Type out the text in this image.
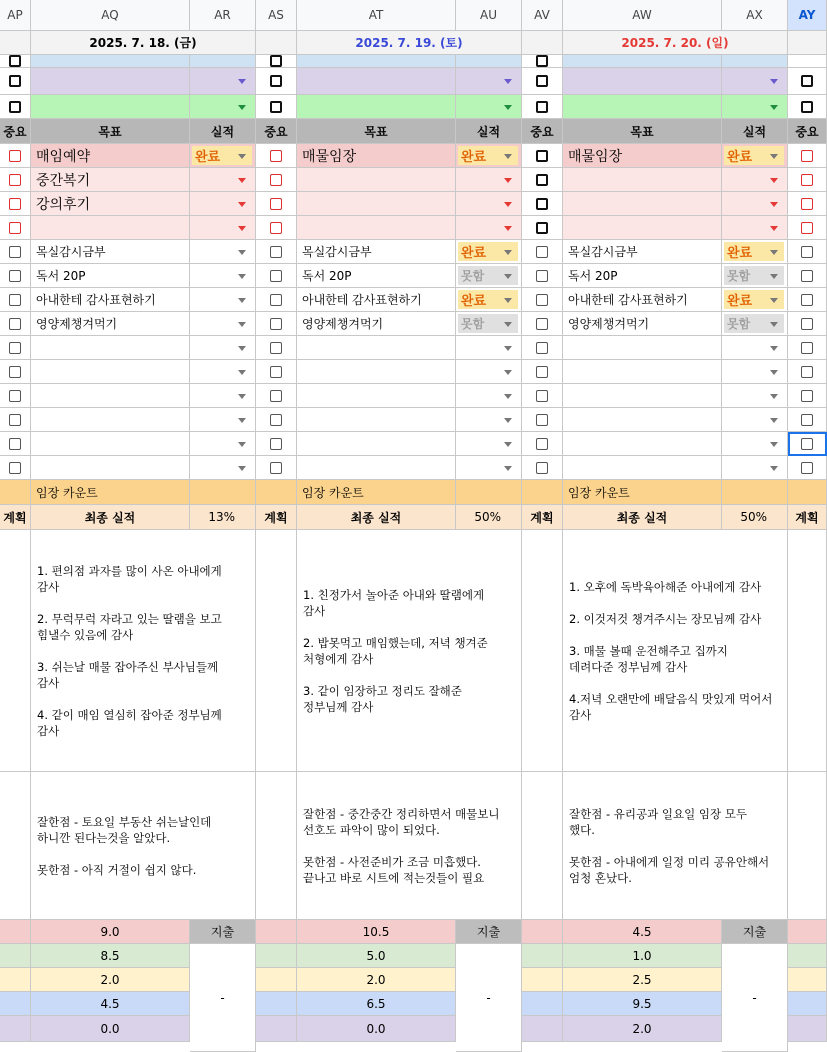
AP	AQ	AR	AS	AT	AU	AV	AW	AX	AY
2025. 7. 18. (금)
중요	목표	실적
매임예약	완료
중간복기
강의후기
목실감시금부
독서 20P
아내한테 감사표현하기
영양제챙겨먹기
임장 카운트
계획	최종 실적	13%
1. 편의점 과자를 많이 사온 아내에게
감사

2. 무럭무럭 자라고 있는 딸램을 보고
힘낼수 있음에 감사

3. 쉬는날 매물 잡아주신 부사님들께
감사

4. 같이 매임 열심히 잡아준 정부님께
감사
잘한점 - 토요일 부동산 쉬는날인데
하니깐 된다는것을 알았다.

못한점 - 아직 거절이 쉽지 않다.
9.0
8.5
2.0
4.5
0.0
지출
-
2025. 7. 19. (토)
중요	목표	실적
매물임장	완료
목실감시금부	완료
독서 20P	못함
아내한테 감사표현하기	완료
영양제챙겨먹기	못함
임장 카운트
계획	최종 실적	50%
1. 친정가서 놀아준 아내와 딸램에게
감사

2. 밥못먹고 매임했는데, 저녁 챙겨준
처형에게 감사

3. 같이 임장하고 정리도 잘해준
정부님께 감사
잘한점 - 중간중간 정리하면서 매물보니
선호도 파악이 많이 되었다.

못한점 - 사전준비가 조금 미흡했다.
끝나고 바로 시트에 적는것들이 필요
10.5
5.0
2.0
6.5
0.0
지출
-
2025. 7. 20. (일)
중요	목표	실적
매물임장	완료
목실감시금부	완료
독서 20P	못함
아내한테 감사표현하기	완료
영양제챙겨먹기	못함
임장 카운트
계획	최종 실적	50%
1. 오후에 독박육아해준 아내에게 감사

2. 이것저것 챙겨주시는 장모님께 감사

3. 매물 볼때 운전해주고 집까지
데려다준 정부님께 감사

4.저녁 오랜만에 배달음식 맛있게 먹어서
감사
잘한점 - 유리공과 일요일 임장 모두
했다.

못한점 - 아내에게 일정 미리 공유안해서
엄청 혼났다.
4.5
1.0
2.5
9.5
2.0
지출
-
중요
계획
